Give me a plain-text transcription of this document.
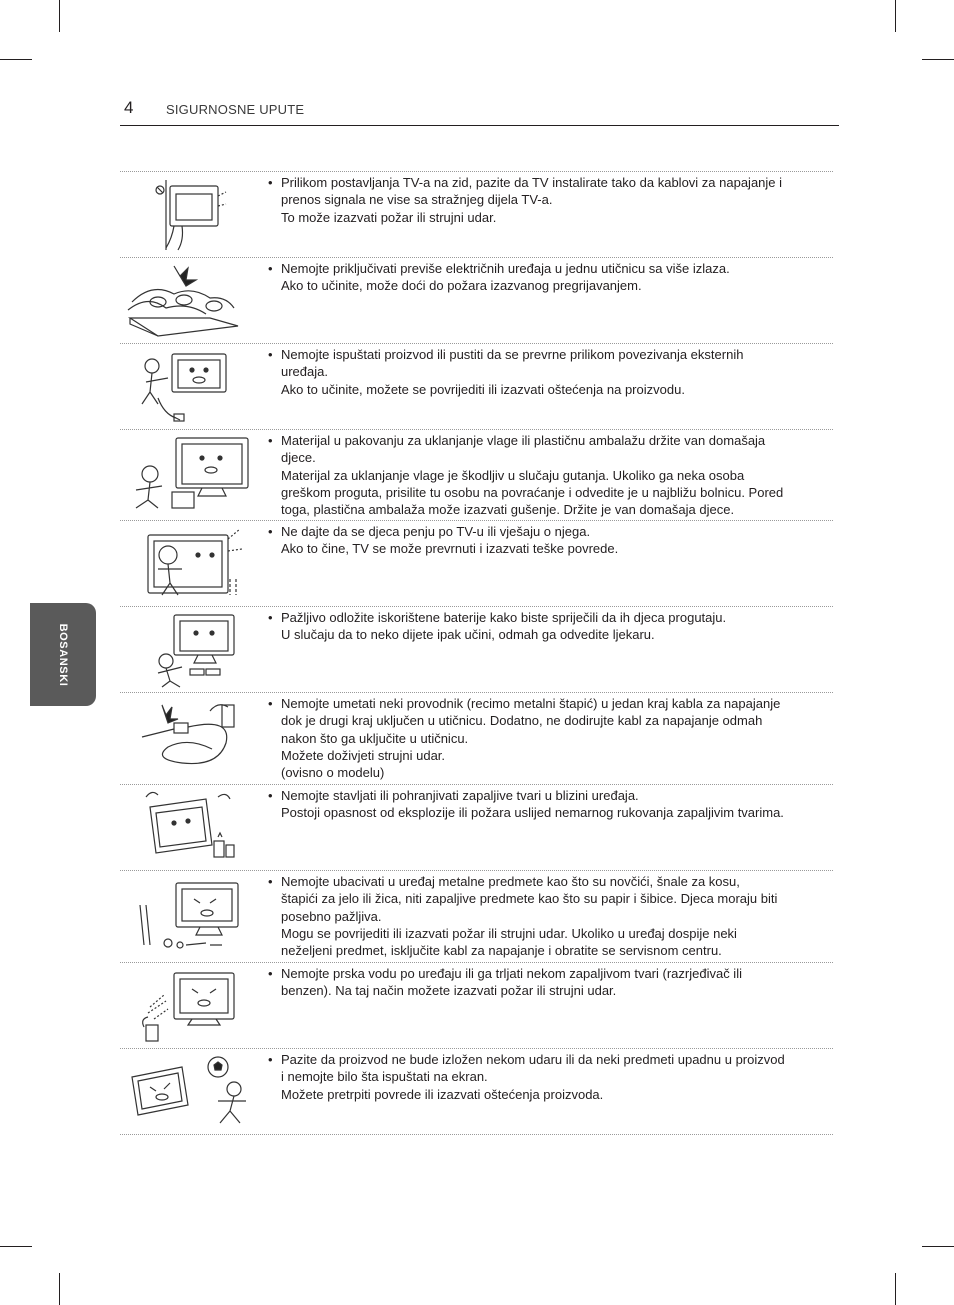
4	SIGURNOSNE UPUTE
BOSANSKI
• Prilikom postavljanja TV-a na zid, pazite da TV instalirate tako da kablovi za napajanje i
prenos signala ne vise sa stražnjeg dijela TV-a.
To može izazvati požar ili strujni udar.
• Nemojte priključivati previše električnih uređaja u jednu utičnicu sa više izlaza.
Ako to učinite, može doći do požara izazvanog pregrijavanjem.
• Nemojte ispuštati proizvod ili pustiti da se prevrne prilikom povezivanja eksternih
uređaja.
Ako to učinite, možete se povrijediti ili izazvati oštećenja na proizvodu.
• Materijal u pakovanju za uklanjanje vlage ili plastičnu ambalažu držite van domašaja
djece.
Materijal za uklanjanje vlage je škodljiv u slučaju gutanja. Ukoliko ga neka osoba
greškom proguta, prisilite tu osobu na povraćanje i odvedite je u najbližu bolnicu. Pored
toga, plastična ambalaža može izazvati gušenje. Držite je van domašaja djece.
• Ne dajte da se djeca penju po TV-u ili vješaju o njega.
Ako to čine, TV se može prevrnuti i izazvati teške povrede.
• Pažljivo odložite iskorištene baterije kako biste spriječili da ih djeca progutaju.
U slučaju da to neko dijete ipak učini, odmah ga odvedite ljekaru.
• Nemojte umetati neki provodnik (recimo metalni štapić) u jedan kraj kabla za napajanje
dok je drugi kraj uključen u utičnicu. Dodatno, ne dodirujte kabl za napajanje odmah
nakon što ga uključite u utičnicu.
Možete doživjeti strujni udar.
(ovisno o modelu)
• Nemojte stavljati ili pohranjivati zapaljive tvari u blizini uređaja.
Postoji opasnost od eksplozije ili požara uslijed nemarnog rukovanja zapaljivim tvarima.
• Nemojte ubacivati u uređaj metalne predmete kao što su novčići, šnale za kosu,
štapići za jelo ili žica, niti zapaljive predmete kao što su papir i šibice. Djeca moraju biti
posebno pažljiva.
Mogu se povrijediti ili izazvati požar ili strujni udar. Ukoliko u uređaj dospije neki
neželjeni predmet, isključite kabl za napajanje i obratite se servisnom centru.
• Nemojte prska vodu po uređaju ili ga trljati nekom zapaljivom tvari (razrjeđivač ili
benzen). Na taj način možete izazvati požar ili strujni udar.
• Pazite da proizvod ne bude izložen nekom udaru ili da neki predmeti upadnu u proizvod
i nemojte bilo šta ispuštati na ekran.
Možete pretrpiti povrede ili izazvati oštećenja proizvoda.
